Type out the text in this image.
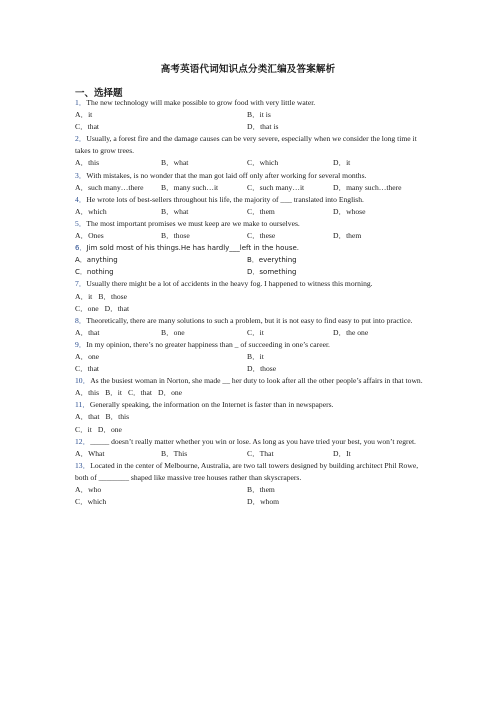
高考英语代词知识点分类汇编及答案解析
一、选择题

1．The new technology will make possible to grow food with very little water.

A．it	B．it is
C．that	D．that is

2．Usually, a forest fire and the damage causes can be very severe, especially when we consider the long time it takes to grow trees.

A．this	B．what	C．which	D．it

3．With mistakes, is no wonder that the man got laid off only after working for several months.

A．such many…there B．many such…it	C．such many…it	D．many such…there

4．He wrote lots of best-sellers throughout his life, the majority of ___ translated into English.

A．which	B．what	C．them	D．whose

5．The most important promises we must keep are we make to ourselves.

A．Ones	B．those	C．these	D．them

6．Jim sold most of his things.He has hardly___left in the house.

A．anything	B．everything
C．nothing	D．something

7．Usually there might be a lot of accidents in the heavy fog. I happened to witness this morning.

A．it B．those
C．one D．that

8．Theoretically, there are many solutions to such a problem, but it is not easy to find easy to put into practice.

A．that	B．one	C．it	D．the one

9．In my opinion, there’s no greater happiness than _ of succeeding in one’s career.

A．one	B．it
C．that	D．those

10．As the busiest woman in Norton, she made __ her duty to look after all the other people’s affairs in that town.

A．this B．it C．that D．one

11．Generally speaking, the information on the Internet is faster than in newspapers.

A．that B．this
C．it D．one

12．_____ doesn’t really matter whether you win or lose. As long as you have tried your best, you won’t regret.

A．What	B．This	C．That	D．It

13．Located in the center of Melbourne, Australia, are two tall towers designed by building architect Phil Rowe, both of ________ shaped like massive tree houses rather than skyscrapers.

A．who	B．them
C．which	D．whom
